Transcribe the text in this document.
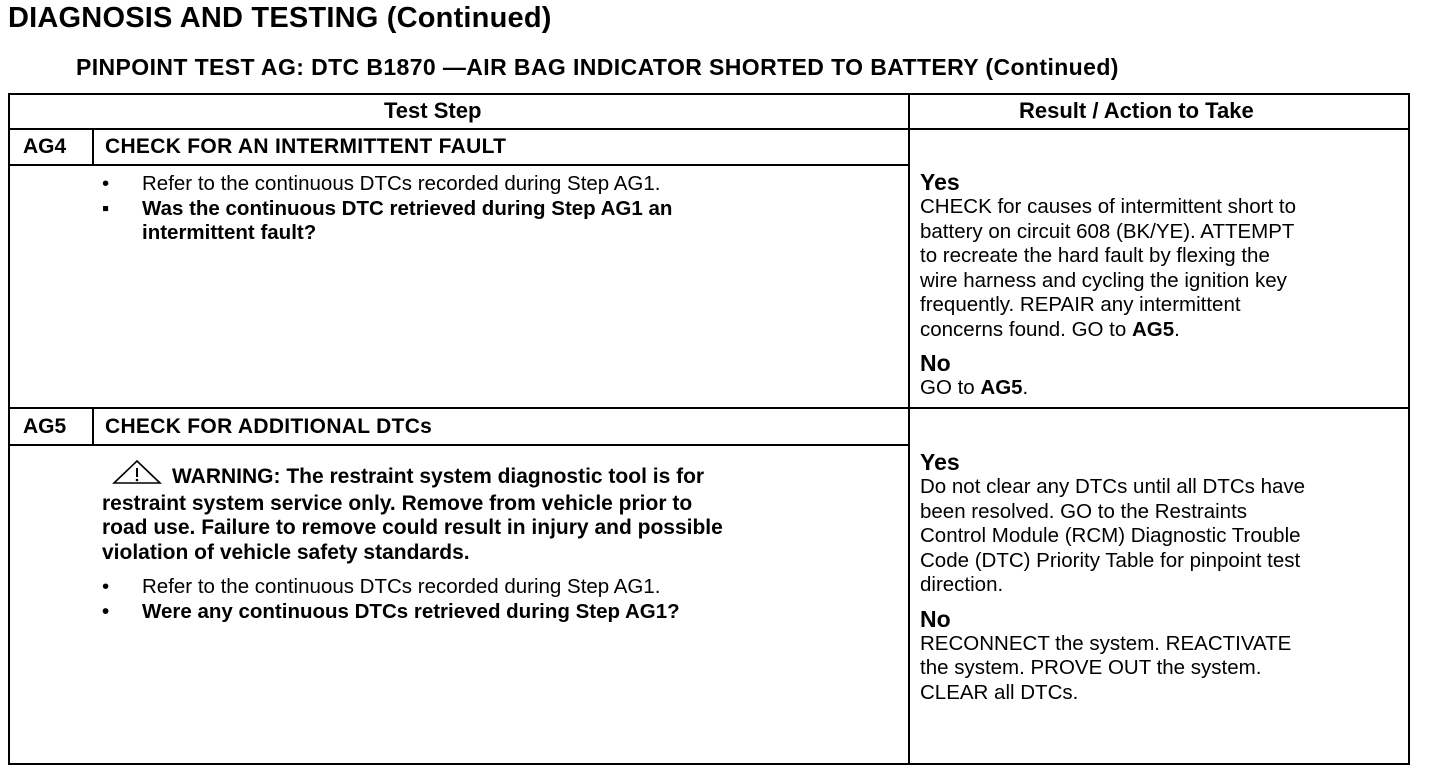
DIAGNOSIS AND TESTING (Continued)
PINPOINT TEST AG: DTC B1870 —AIR BAG INDICATOR SHORTED TO BATTERY (Continued)
Test Step	Result / Action to Take
AG4 CHECK FOR AN INTERMITTENT FAULT
• Refer to the continuous DTCs recorded during Step AG1.
▪ Was the continuous DTC retrieved during Step AG1 an
intermittent fault?
Yes
CHECK for causes of intermittent short to
battery on circuit 608 (BK/YE). ATTEMPT
to recreate the hard fault by flexing the
wire harness and cycling the ignition key
frequently. REPAIR any intermittent
concerns found. GO to AG5.
No
GO to AG5.
AG5 CHECK FOR ADDITIONAL DTCs
WARNING: The restraint system diagnostic tool is for
restraint system service only. Remove from vehicle prior to
road use. Failure to remove could result in injury and possible
violation of vehicle safety standards.
• Refer to the continuous DTCs recorded during Step AG1.
• Were any continuous DTCs retrieved during Step AG1?
Yes
Do not clear any DTCs until all DTCs have
been resolved. GO to the Restraints
Control Module (RCM) Diagnostic Trouble
Code (DTC) Priority Table for pinpoint test
direction.
No
RECONNECT the system. REACTIVATE
the system. PROVE OUT the system.
CLEAR all DTCs.
